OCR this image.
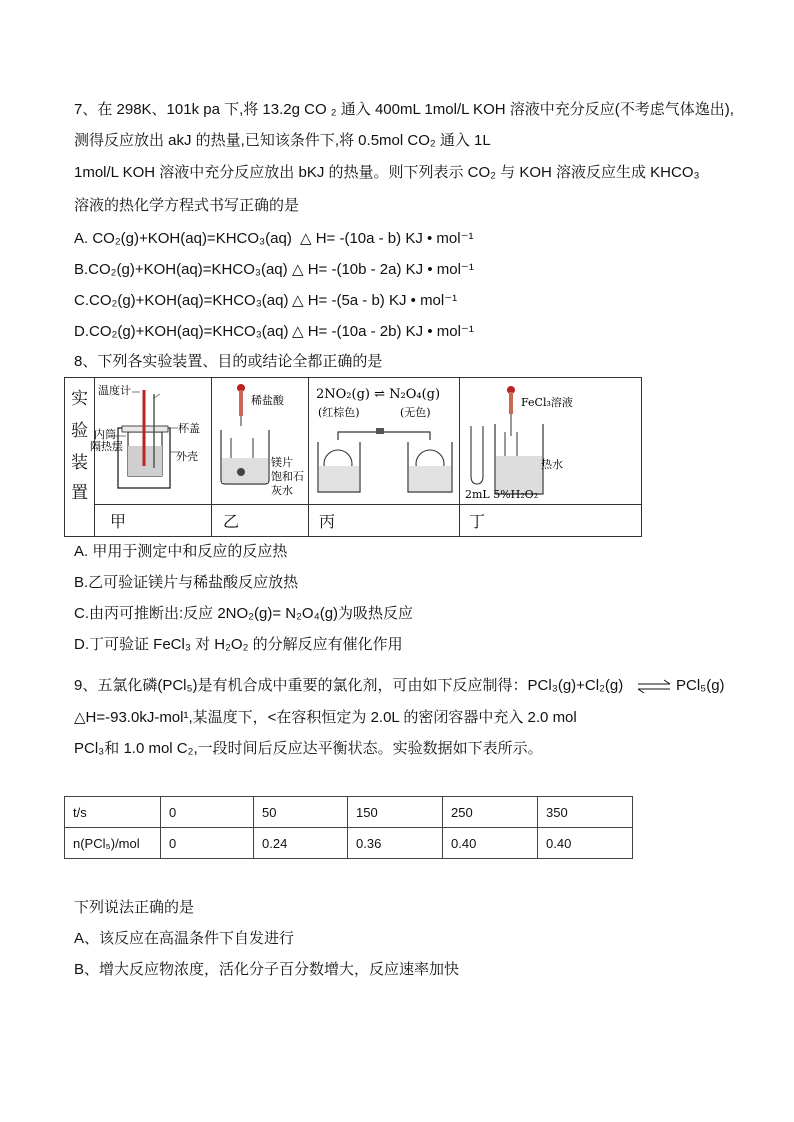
7、在 298K、101k pa 下,将 13.2g CO ₂ 通入 400mL 1mol/L KOH 溶液中充分反应(不考虑气体逸出),
测得反应放出 akJ 的热量,已知该条件下,将 0.5mol CO₂ 通入 1L
1mol/L KOH 溶液中充分反应放出 bKJ 的热量。则下列表示 CO₂ 与 KOH 溶液反应生成 KHCO₃
溶液的热化学方程式书写正确的是
A. CO₂(g)+KOH(aq)=KHCO₃(aq) △ H= -(10a - b) KJ • mol⁻¹
B.CO₂(g)+KOH(aq)=KHCO₃(aq) △ H= -(10b - 2a) KJ • mol⁻¹
C.CO₂(g)+KOH(aq)=KHCO₃(aq) △ H= -(5a - b) KJ • mol⁻¹
D.CO₂(g)+KOH(aq)=KHCO₃(aq) △ H= -(10a - 2b) KJ • mol⁻¹
8、下列各实验装置、目的或结论全都正确的是
实
验
装
置
温度计
杯盖
内筒
隔热层
外壳
稀盐酸
镁片
饱和石
灰水
2NO₂(g) ⇌ N₂O₄(g)
(红棕色)	(无色)
FeCl₃溶液
热水
2mL 5%H₂O₂
甲	乙	丙	丁
A. 甲用于测定中和反应的反应热
B.乙可验证镁片与稀盐酸反应放热
C.由丙可推断出:反应 2NO₂(g)= N₂O₄(g)为吸热反应
D.丁可验证 FeCl₃ 对 H₂O₂ 的分解反应有催化作用
9、五氯化磷(PCl₅)是有机合成中重要的氯化剂，可由如下反应制得：PCl₃(g)+Cl₂(g) ⇌ PCl₅(g)
△H=-93.0kJ-mol¹,某温度下，<在容积恒定为 2.0L 的密闭容器中充入 2.0 mol
PCl₃和 1.0 mol C₂,一段时间后反应达平衡状态。实验数据如下表所示。
t/s	0	50	150	250	350
n(PCl₅)/mol	0	0.24	0.36	0.40	0.40
下列说法正确的是
A、该反应在高温条件下自发进行
B、增大反应物浓度，活化分子百分数增大，反应速率加快
